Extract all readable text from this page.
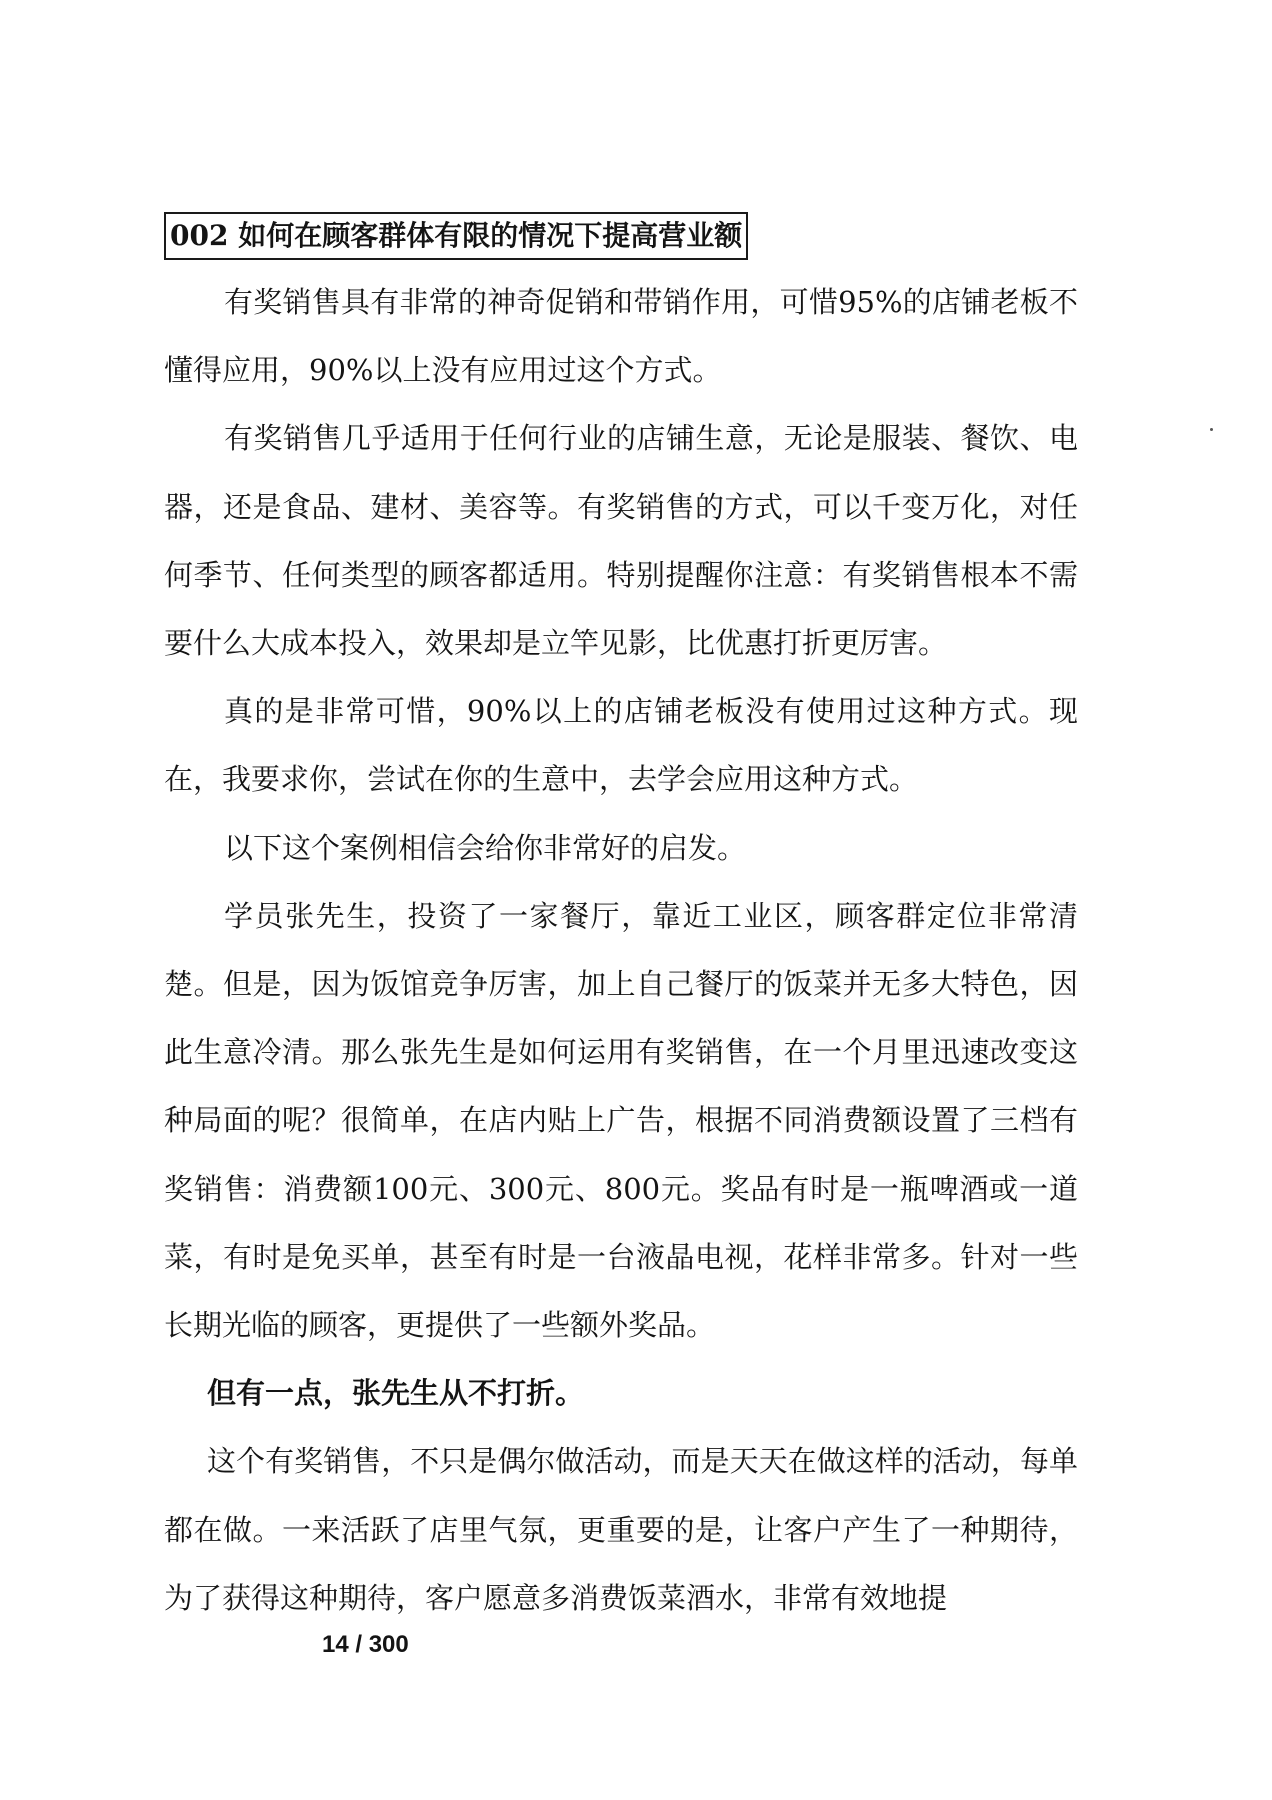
002 如何在顾客群体有限的情况下提高营业额

有奖销售具有非常的神奇促销和带销作用，可惜95%的店铺老板不懂得应用，90%以上没有应用过这个方式。

有奖销售几乎适用于任何行业的店铺生意，无论是服装、餐饮、电器，还是食品、建材、美容等。有奖销售的方式，可以千变万化，对任何季节、任何类型的顾客都适用。特别提醒你注意：有奖销售根本不需要什么大成本投入，效果却是立竿见影，比优惠打折更厉害。

真的是非常可惜，90%以上的店铺老板没有使用过这种方式。现在，我要求你，尝试在你的生意中，去学会应用这种方式。

以下这个案例相信会给你非常好的启发。

学员张先生，投资了一家餐厅，靠近工业区，顾客群定位非常清楚。但是，因为饭馆竞争厉害，加上自己餐厅的饭菜并无多大特色，因此生意冷清。那么张先生是如何运用有奖销售，在一个月里迅速改变这种局面的呢？很简单，在店内贴上广告，根据不同消费额设置了三档有奖销售：消费额100元、300元、800元。奖品有时是一瓶啤酒或一道菜，有时是免买单，甚至有时是一台液晶电视，花样非常多。针对一些长期光临的顾客，更提供了一些额外奖品。

但有一点，张先生从不打折。

这个有奖销售，不只是偶尔做活动，而是天天在做这样的活动，每单都在做。一来活跃了店里气氛，更重要的是，让客户产生了一种期待，为了获得这种期待，客户愿意多消费饭菜酒水，非常有效地提

14 / 300
